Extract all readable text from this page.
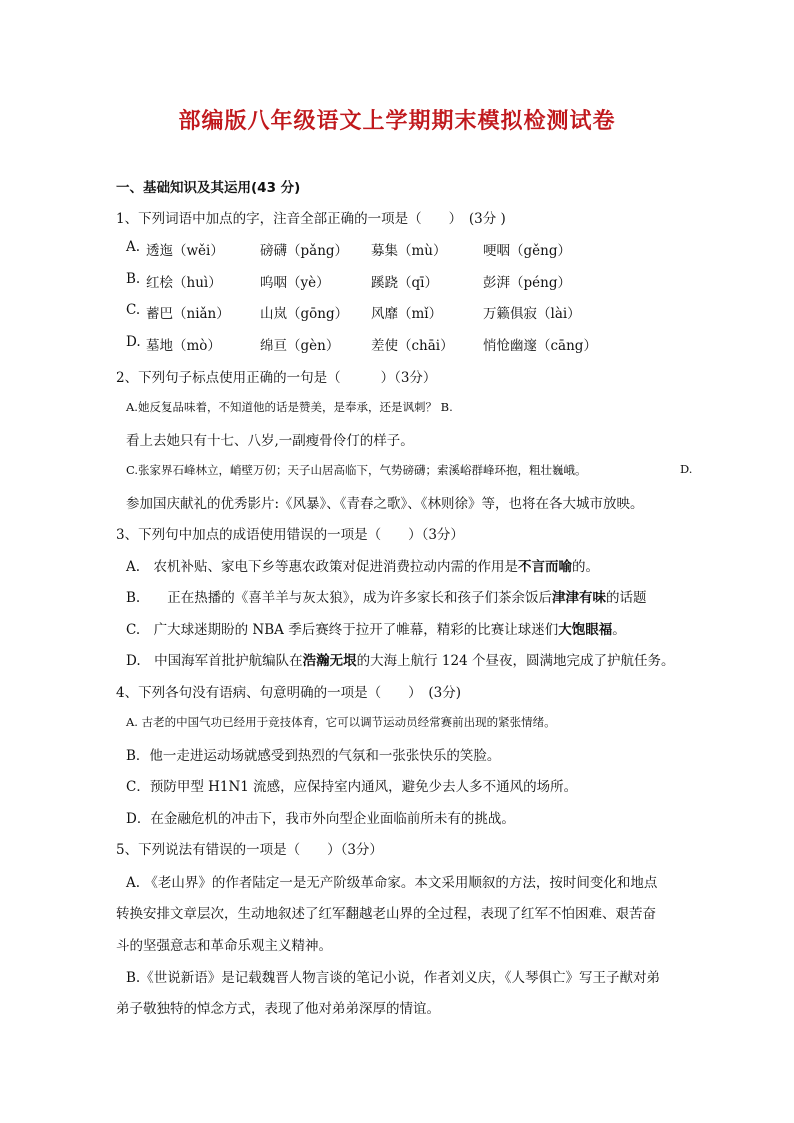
部编版八年级语文上学期期末模拟检测试卷
一、基础知识及其运用(43 分)
1、下列词语中加点的字，注音全部正确的一项是（　　）　(3分 )
A. 透迤（wěi）	磅礴（pǎng） 募集（mù）	哽咽（gěng）
B. 红桧（huì）	呜咽（yè）	蹊跷（qī）	彭湃（péng）
C. 蓄巴（niǎn） 山岚（gōng） 风靡（mǐ）	万籁俱寂（lài）
D. 墓地（mò）	绵亘（gèn） 差使（chāi） 悄怆幽邃（cāng）
2、下列句子标点使用正确的一句是（	）（3分）
A.她反复品味着，不知道他的话是赞美，是奉承，还是讽刺？ B.
看上去她只有十七、八岁,一副瘦骨伶仃的样子。
C.张家界石峰林立，峭壁万仞；天子山居高临下，气势磅礴；索溪峪群峰环抱，粗壮巍峨。	D.
参加国庆献礼的优秀影片:《风暴》、《青春之歌》、《林则徐》等，也将在各大城市放映。
3、下列句中加点的成语使用错误的一项是（　　）（3分）
A.　农机补贴、家电下乡等惠农政策对促进消费拉动内需的作用是不言而喻的。
B.　　正在热播的《喜羊羊与灰太狼》，成为许多家长和孩子们茶余饭后津津有味的话题
C.　广大球迷期盼的 NBA 季后赛终于拉开了帷幕，精彩的比赛让球迷们大饱眼福。
D.　中国海军首批护航编队在浩瀚无垠的大海上航行 124 个昼夜，圆满地完成了护航任务。
4、下列各句没有语病、句意明确的一项是（　　）　(3分)
A. 古老的中国气功已经用于竞技体育，它可以调节运动员经常赛前出现的紧张情绪。
B．他一走进运动场就感受到热烈的气氛和一张张快乐的笑脸。
C．预防甲型 H1N1 流感，应保持室内通风，避免少去人多不通风的场所。
D．在金融危机的冲击下，我市外向型企业面临前所未有的挑战。
5、下列说法有错误的一项是（　　）（3分）
A. 《老山界》的作者陆定一是无产阶级革命家。本文采用顺叙的方法，按时间变化和地点
转换安排文章层次，生动地叙述了红军翻越老山界的全过程，表现了红军不怕困难、艰苦奋
斗的坚强意志和革命乐观主义精神。
B.《世说新语》是记载魏晋人物言谈的笔记小说，作者刘义庆，《人琴俱亡》写王子猷对弟
弟子敬独特的悼念方式，表现了他对弟弟深厚的情谊。
